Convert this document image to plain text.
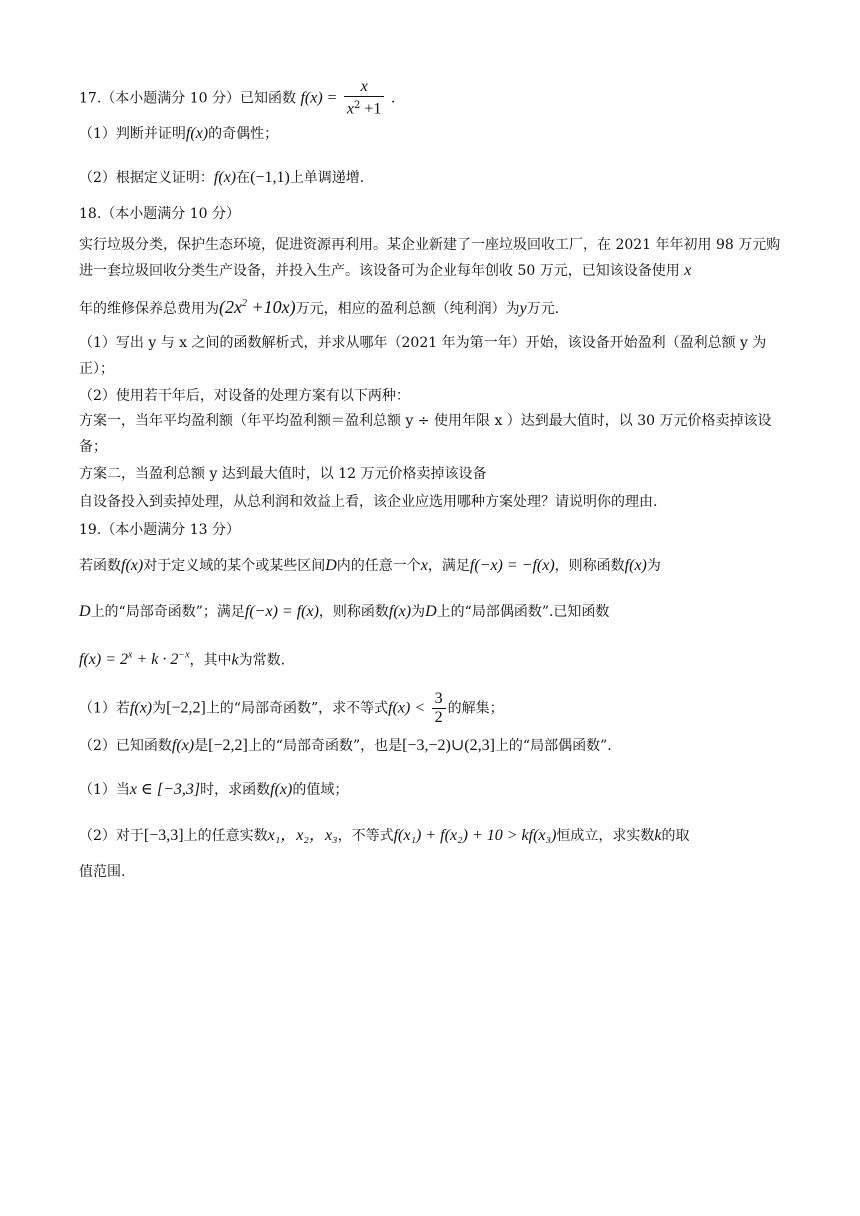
17.（本小题满分 10 分）已知函数 $f(x) = \frac{x}{x^2 +1}$ .
（1）判断并证明f(x)的奇偶性；
（2）根据定义证明：f(x)在(−1,1)上单调递增.
18.（本小题满分 10 分）
实行垃圾分类，保护生态环境，促进资源再利用。某企业新建了一座垃圾回收工厂，在 2021 年年初用 98 万元购进一套垃圾回收分类生产设备，并投入生产。该设备可为企业每年创收 50 万元，已知该设备使用 x
年的维修保养总费用为$(2x^2 +10x)$万元，相应的盈利总额（纯利润）为y万元.
（1）写出 y 与 x 之间的函数解析式，并求从哪年（2021 年为第一年）开始，该设备开始盈利（盈利总额 y 为正）；
（2）使用若干年后，对设备的处理方案有以下两种：
方案一，当年平均盈利额（年平均盈利额＝盈利总额 y ÷ 使用年限 x ）达到最大值时，以 30 万元价格卖掉该设备；
方案二，当盈利总额 y 达到最大值时，以 12 万元价格卖掉该设备
自设备投入到卖掉处理，从总利润和效益上看，该企业应选用哪种方案处理？请说明你的理由.
19.（本小题满分 13 分）
若函数f(x)对于定义域的某个或某些区间D内的任意一个x，满足f(−x) = −f(x)，则称函数f(x)为
D上的“局部奇函数”；满足f(−x) = f(x)，则称函数f(x)为D上的“局部偶函数”.已知函数
$f(x) = 2^x + k \cdot 2^{-x}$，其中k为常数.
（1）若f(x)为[−2,2]上的“局部奇函数”，求不等式$f(x) < \frac{3}{2}$ 的解集；
（2）已知函数f(x)是[−2,2]上的“局部奇函数”，也是[−3,−2)∪(2,3]上的“局部偶函数”.
（1）当x ∈ [−3,3]时，求函数f(x)的值域；
（2）对于[−3,3]上的任意实数x₁，x₂，x₃，不等式f(x₁) + f(x₂) + 10 > kf(x₃)恒成立，求实数k的取
值范围.
